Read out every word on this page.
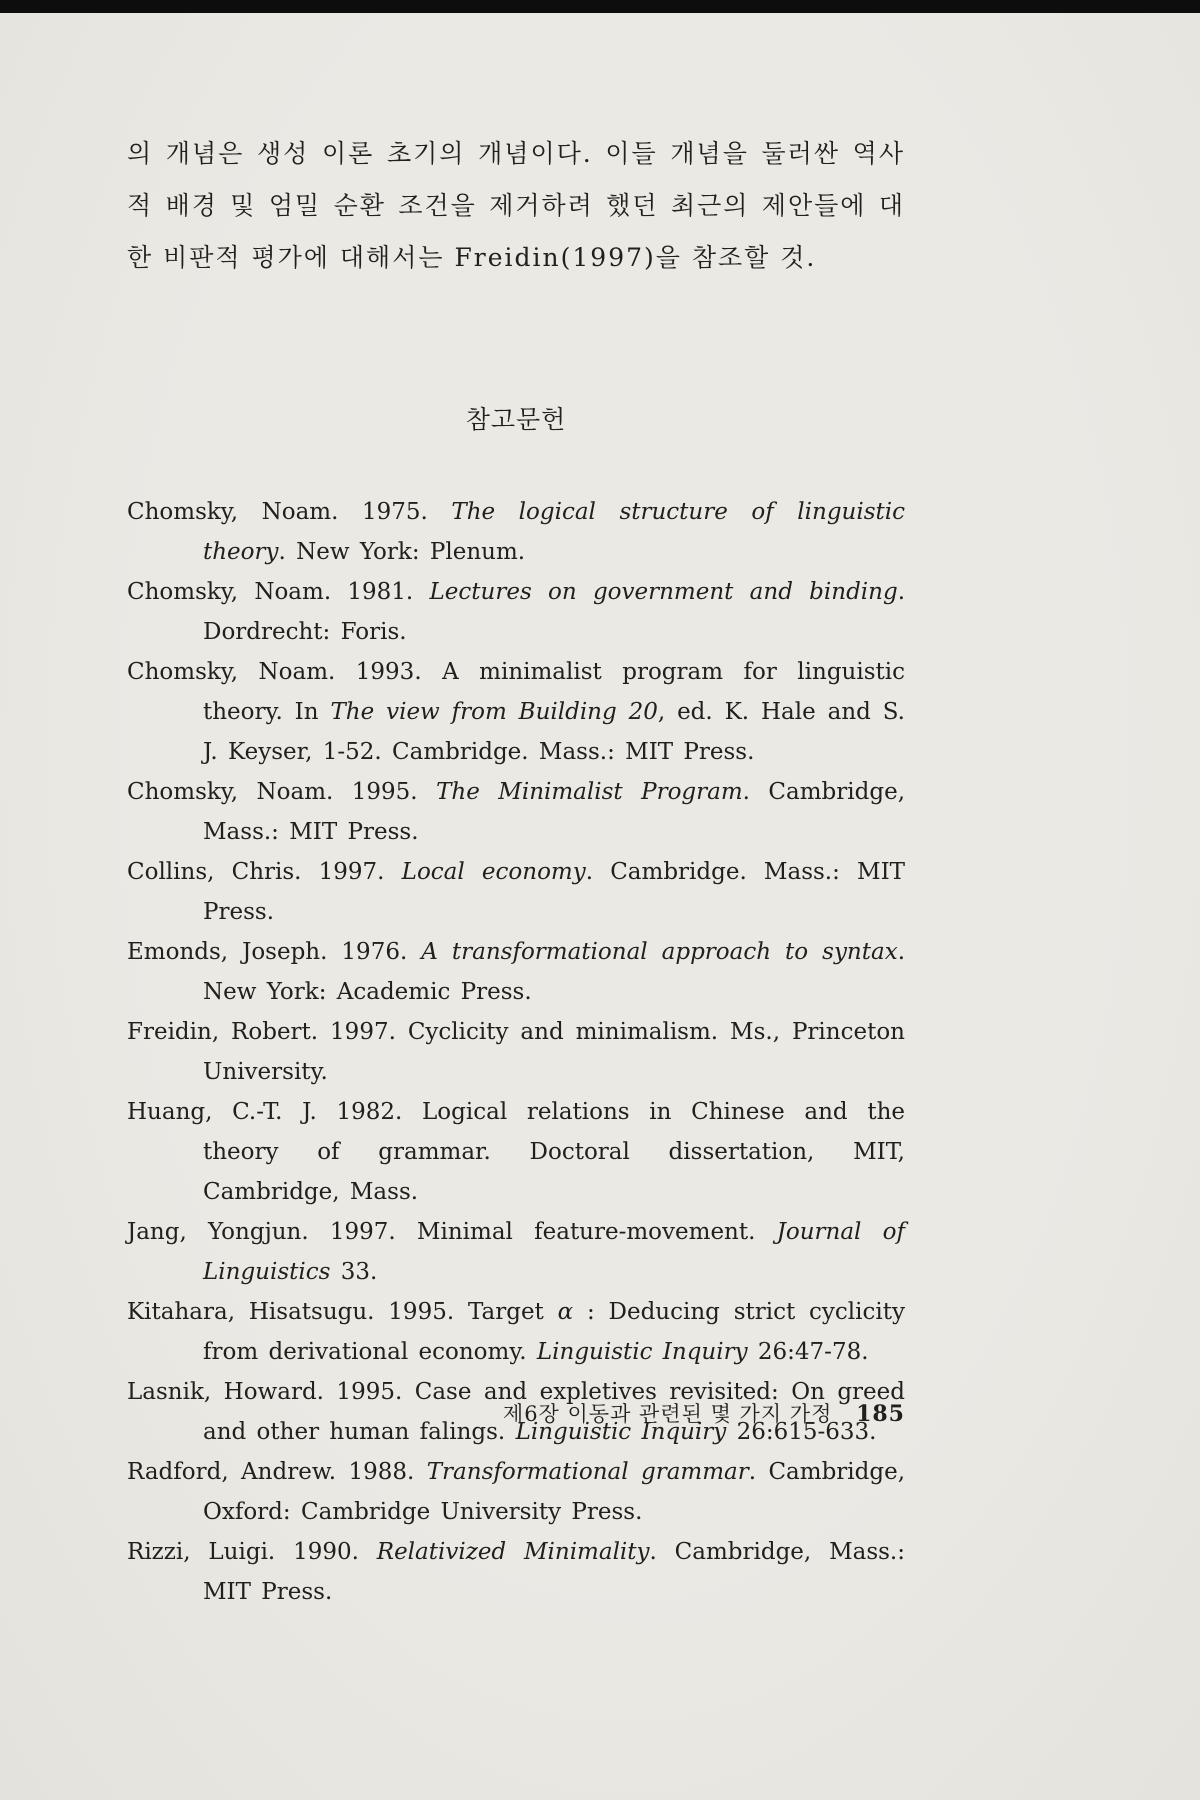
의 개념은 생성 이론 초기의 개념이다. 이들 개념을 둘러싼 역사적 배경 및 엄밀 순환 조건을 제거하려 했던 최근의 제안들에 대한 비판적 평가에 대해서는 Freidin(1997)을 참조할 것.

참고문헌
Chomsky, Noam. 1975. The logical structure of linguistic theory. New York: Plenum.
Chomsky, Noam. 1981. Lectures on government and binding. Dordrecht: Foris.
Chomsky, Noam. 1993. A minimalist program for linguistic theory. In The view from Building 20, ed. K. Hale and S. J. Keyser, 1-52. Cambridge. Mass.: MIT Press.
Chomsky, Noam. 1995. The Minimalist Program. Cambridge, Mass.: MIT Press.
Collins, Chris. 1997. Local economy. Cambridge. Mass.: MIT Press.
Emonds, Joseph. 1976. A transformational approach to syntax. New York: Academic Press.
Freidin, Robert. 1997. Cyclicity and minimalism. Ms., Princeton University.
Huang, C.-T. J. 1982. Logical relations in Chinese and the theory of grammar. Doctoral dissertation, MIT, Cambridge, Mass.
Jang, Yongjun. 1997. Minimal feature-movement. Journal of Linguistics 33.
Kitahara, Hisatsugu. 1995. Target α : Deducing strict cyclicity from derivational economy. Linguistic Inquiry 26:47-78.
Lasnik, Howard. 1995. Case and expletives revisited: On greed and other human falings. Linguistic Inquiry 26:615-633.
Radford, Andrew. 1988. Transformational grammar. Cambridge, Oxford: Cambridge University Press.
Rizzi, Luigi. 1990. Relativized Minimality. Cambridge, Mass.: MIT Press.
제6장 이동과 관련된 몇 가지 가정 185
